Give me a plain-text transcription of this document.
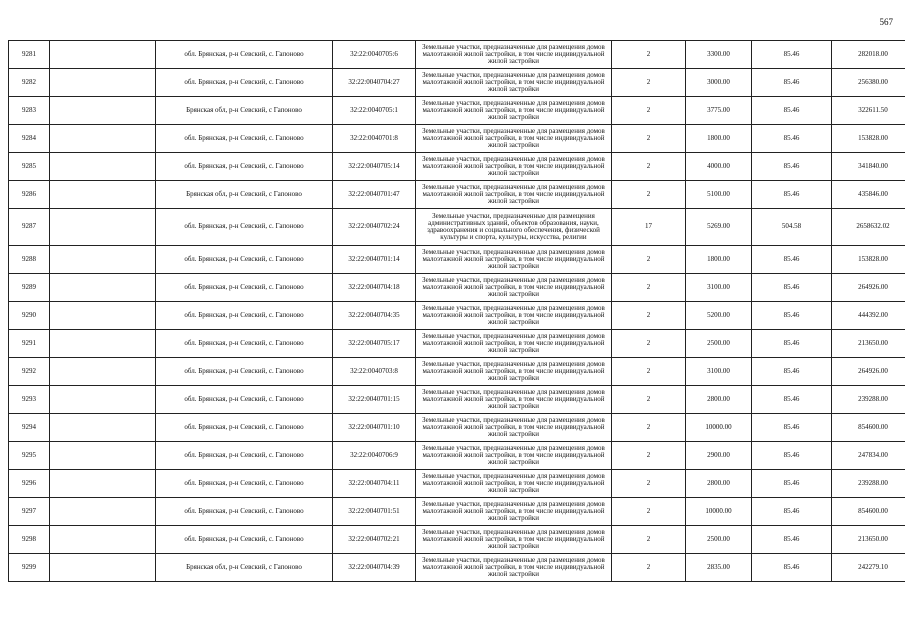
567
9281		обл. Брянская, р-н Севский, с. Гапоново	32:22:0040705:6	Земельные участки, предназначенные для размещения домов малоэтажной жилой застройки, в том числе индивидуальной жилой застройки	2	3300.00	85.46	282018.00
9282		обл. Брянская, р-н Севский, с. Гапоново	32:22:0040704:27	Земельные участки, предназначенные для размещения домов малоэтажной жилой застройки, в том числе индивидуальной жилой застройки	2	3000.00	85.46	256380.00
9283		Брянская обл, р-н Севский, с Гапоново	32:22:0040705:1	Земельные участки, предназначенные для размещения домов малоэтажной жилой застройки, в том числе индивидуальной жилой застройки	2	3775.00	85.46	322611.50
9284		обл. Брянская, р-н Севский, с. Гапоново	32:22:0040701:8	Земельные участки, предназначенные для размещения домов малоэтажной жилой застройки, в том числе индивидуальной жилой застройки	2	1800.00	85.46	153828.00
9285		обл. Брянская, р-н Севский, с. Гапоново	32:22:0040705:14	Земельные участки, предназначенные для размещения домов малоэтажной жилой застройки, в том числе индивидуальной жилой застройки	2	4000.00	85.46	341840.00
9286		Брянская обл, р-н Севский, с Гапоново	32:22:0040701:47	Земельные участки, предназначенные для размещения домов малоэтажной жилой застройки, в том числе индивидуальной жилой застройки	2	5100.00	85.46	435846.00
9287		обл. Брянская, р-н Севский, с. Гапоново	32:22:0040702:24	Земельные участки, предназначенные для размещения административных зданий, объектов образования, науки, здравоохранения и социального обеспечения, физической культуры и спорта, культуры, искусства, религии	17	5269.00	504.58	2658632.02
9288		обл. Брянская, р-н Севский, с. Гапоново	32:22:0040701:14	Земельные участки, предназначенные для размещения домов малоэтажной жилой застройки, в том числе индивидуальной жилой застройки	2	1800.00	85.46	153828.00
9289		обл. Брянская, р-н Севский, с. Гапоново	32:22:0040704:18	Земельные участки, предназначенные для размещения домов малоэтажной жилой застройки, в том числе индивидуальной жилой застройки	2	3100.00	85.46	264926.00
9290		обл. Брянская, р-н Севский, с. Гапоново	32:22:0040704:35	Земельные участки, предназначенные для размещения домов малоэтажной жилой застройки, в том числе индивидуальной жилой застройки	2	5200.00	85.46	444392.00
9291		обл. Брянская, р-н Севский, с. Гапоново	32:22:0040705:17	Земельные участки, предназначенные для размещения домов малоэтажной жилой застройки, в том числе индивидуальной жилой застройки	2	2500.00	85.46	213650.00
9292		обл. Брянская, р-н Севский, с. Гапоново	32:22:0040703:8	Земельные участки, предназначенные для размещения домов малоэтажной жилой застройки, в том числе индивидуальной жилой застройки	2	3100.00	85.46	264926.00
9293		обл. Брянская, р-н Севский, с. Гапоново	32:22:0040701:15	Земельные участки, предназначенные для размещения домов малоэтажной жилой застройки, в том числе индивидуальной жилой застройки	2	2800.00	85.46	239288.00
9294		обл. Брянская, р-н Севский, с. Гапоново	32:22:0040701:10	Земельные участки, предназначенные для размещения домов малоэтажной жилой застройки, в том числе индивидуальной жилой застройки	2	10000.00	85.46	854600.00
9295		обл. Брянская, р-н Севский, с. Гапоново	32:22:0040706:9	Земельные участки, предназначенные для размещения домов малоэтажной жилой застройки, в том числе индивидуальной жилой застройки	2	2900.00	85.46	247834.00
9296		обл. Брянская, р-н Севский, с. Гапоново	32:22:0040704:11	Земельные участки, предназначенные для размещения домов малоэтажной жилой застройки, в том числе индивидуальной жилой застройки	2	2800.00	85.46	239288.00
9297		обл. Брянская, р-н Севский, с. Гапоново	32:22:0040701:51	Земельные участки, предназначенные для размещения домов малоэтажной жилой застройки, в том числе индивидуальной жилой застройки	2	10000.00	85.46	854600.00
9298		обл. Брянская, р-н Севский, с. Гапоново	32:22:0040702:21	Земельные участки, предназначенные для размещения домов малоэтажной жилой застройки, в том числе индивидуальной жилой застройки	2	2500.00	85.46	213650.00
9299		Брянская обл, р-н Севский, с Гапоново	32:22:0040704:39	Земельные участки, предназначенные для размещения домов малоэтажной жилой застройки, в том числе индивидуальной жилой застройки	2	2835.00	85.46	242279.10
